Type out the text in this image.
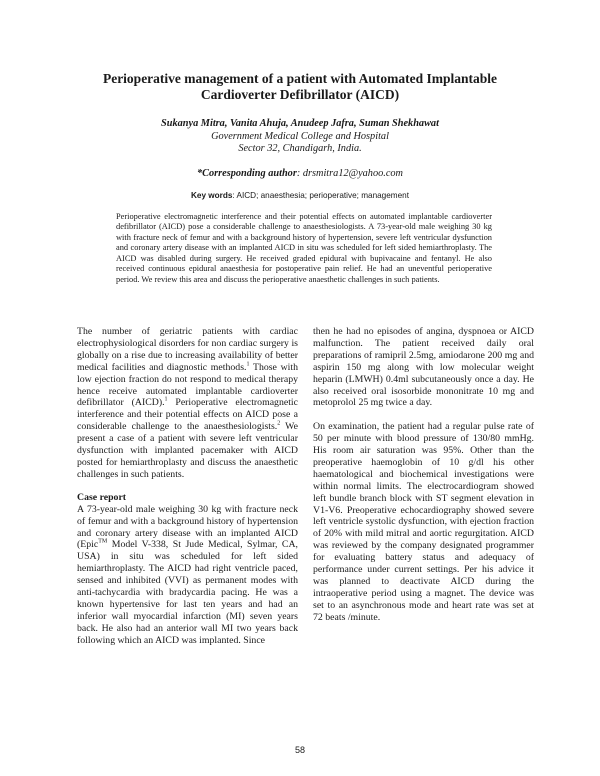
Perioperative management of a patient with Automated Implantable
Cardioverter Defibrillator (AICD)
Sukanya Mitra, Vanita Ahuja, Anudeep Jafra, Suman Shekhawat
Government Medical College and Hospital
Sector 32, Chandigarh, India.
*Corresponding author: drsmitra12@yahoo.com
Key words: AICD; anaesthesia; perioperative; management
Perioperative electromagnetic interference and their potential effects on automated implantable cardioverter defibrillator (AICD) pose a considerable challenge to anaesthesiologists. A 73-year-old male weighing 30 kg with fracture neck of femur and with a background history of hypertension, severe left ventricular dysfunction and coronary artery disease with an implanted AICD in situ was scheduled for left sided hemiarthroplasty. The AICD was disabled during surgery. He received graded epidural with bupivacaine and fentanyl. He also received continuous epidural anaesthesia for postoperative pain relief. He had an uneventful perioperative period. We review this area and discuss the perioperative anaesthetic challenges in such patients.

The number of geriatric patients with cardiac electrophysiological disorders for non cardiac surgery is globally on a rise due to increasing availability of better medical facilities and diagnostic methods.$^1$ Those with low ejection fraction do not respond to medical therapy hence receive automated implantable cardioverter defibrillator (AICD).$^1$ Perioperative electromagnetic interference and their potential effects on AICD pose a considerable challenge to the anaesthesiologists.$^2$ We present a case of a patient with severe left ventricular dysfunction with implanted pacemaker with AICD posted for hemiarthroplasty and discuss the anaesthetic challenges in such patients.

Case report

A 73-year-old male weighing 30 kg with fracture neck of femur and with a background history of hypertension and coronary artery disease with an implanted AICD (Epic™ Model V-338, St Jude Medical, Sylmar, CA, USA) in situ was scheduled for left sided hemiarthroplasty. The AICD had right ventricle paced, sensed and inhibited (VVI) as permanent modes with anti-tachycardia with bradycardia pacing. He was a known hypertensive for last ten years and had an inferior wall myocardial infarction (MI) seven years back. He also had an anterior wall MI two years back following which an AICD was implanted. Since

then he had no episodes of angina, dyspnoea or AICD malfunction. The patient received daily oral preparations of ramipril 2.5mg, amiodarone 200 mg and aspirin 150 mg along with low molecular weight heparin (LMWH) 0.4ml subcutaneously once a day. He also received oral isosorbide mononitrate 10 mg and metoprolol 25 mg twice a day.

On examination, the patient had a regular pulse rate of 50 per minute with blood pressure of 130/80 mmHg. His room air saturation was 95%. Other than the preoperative haemoglobin of 10 g/dl his other haematological and biochemical investigations were within normal limits. The electrocardiogram showed left bundle branch block with ST segment elevation in V1-V6. Preoperative echocardiography showed severe left ventricle systolic dysfunction, with ejection fraction of 20% with mild mitral and aortic regurgitation. AICD was reviewed by the company designated programmer for evaluating battery status and adequacy of performance under current settings. Per his advice it was planned to deactivate AICD during the intraoperative period using a magnet. The device was set to an asynchronous mode and heart rate was set at 72 beats /minute.

58
